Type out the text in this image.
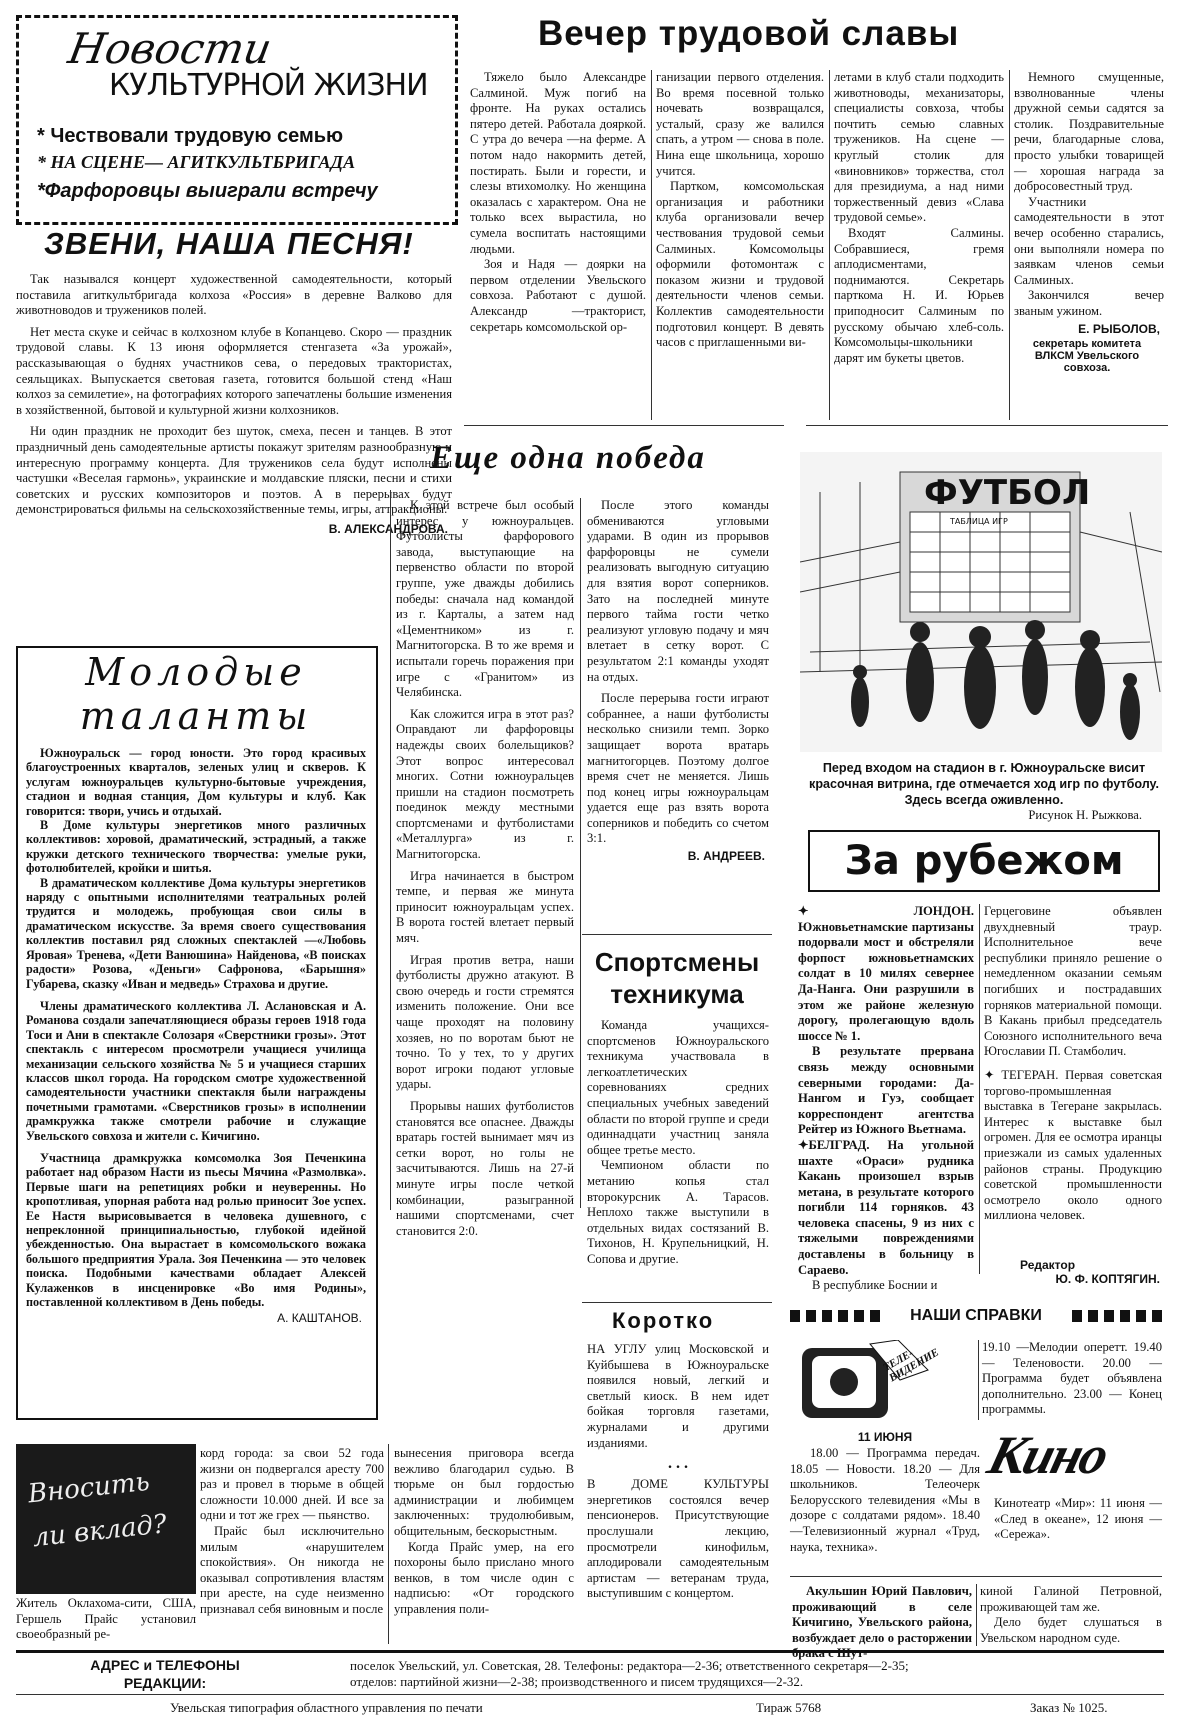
Новости
КУЛЬТУРНОЙ ЖИЗНИ
* Чествовали трудовую семью
* НА СЦЕНЕ— АГИТКУЛЬТБРИГАДА
*Фарфоровцы выиграли встречу
ЗВЕНИ, НАША ПЕСНЯ!

Так назывался концерт художественной самодеятельности, который поставила агиткультбригада колхоза «Россия» в деревне Валково для животноводов и тружеников полей.

Нет места скуке и сейчас в колхозном клубе в Копанцево. Скоро — праздник трудовой славы. К 13 июня оформляется стенгазета «За урожай», рассказывающая о буднях участников сева, о передовых трактористах, сеяльщиках. Выпускается световая газета, готовится большой стенд «Наш колхоз за семилетие», на фотографиях которого запечатлены большие изменения в хозяйственной, бытовой и культурной жизни колхозников.

Ни один праздник не проходит без шуток, смеха, песен и танцев. В этот праздничный день самодеятельные артисты покажут зрителям разнообразную и интересную программу концерта. Для тружеников села будут исполнены частушки «Веселая гармонь», украинские и молдавские пляски, песни и стихи советских и русских композиторов и поэтов. А в перерывах будут демонстрироваться фильмы на сельскохозяйственные темы, игры, аттракционы.

В. АЛЕКСАНДРОВА.
Вечер трудовой славы

Тяжело было Александре Салминой. Муж погиб на фронте. На руках остались пятеро детей. Работала дояркой. С утра до вечера —на ферме. А потом надо накормить детей, постирать. Были и горести, и слезы втихомолку. Но женщина оказалась с характером. Она не только всех вырастила, но сумела воспитать настоящими людьми.

Зоя и Надя — доярки на первом отделении Увельского совхоза. Работают с душой. Александр —тракторист, секретарь комсомольской ор-

ганизации первого отделения. Во время посевной только ночевать возвращался, усталый, сразу же валился спать, а утром — снова в поле. Нина еще школьница, хорошо учится.

Партком, комсомольская организация и работники клуба организовали вечер чествования трудовой семьи Салминых. Комсомольцы оформили фотомонтаж с показом жизни и трудовой деятельности членов семьи. Коллектив самодеятельности подготовил концерт. В девять часов с приглашенными ви-

летами в клуб стали подходить животноводы, механизаторы, специалисты совхоза, чтобы почтить семью славных тружеников. На сцене — круглый столик для «виновников» торжества, стол для президиума, а над ними торжественный девиз «Слава трудовой семье».

Входят Салмины. Собравшиеся, гремя аплодисментами, поднимаются. Секретарь парткома Н. И. Юрьев приподносит Салминым по русскому обычаю хлеб-соль. Комсомольцы-школьники дарят им букеты цветов.

Немного смущенные, взволнованные члены дружной семьи садятся за столик. Поздравительные речи, благодарные слова, просто улыбки товарищей — хорошая награда за добросовестный труд.

Участники самодеятельности в этот вечер особенно старались, они выполняли номера по заявкам членов семьи Салминых.

Закончился вечер званым ужином.

Е. РЫБОЛОВ,
секретарь комитета ВЛКСМ Увельского совхоза.
Еще одна победа

К этой встрече был особый интерес у южноуральцев. Футболисты фарфорового завода, выступающие на первенство области по второй группе, уже дважды добились победы: сначала над командой из г. Карталы, а затем над «Цементником» из г. Магнитогорска. В то же время и испытали горечь поражения при игре с «Гранитом» из Челябинска.

Как сложится игра в этот раз? Оправдают ли фарфоровцы надежды своих болельщиков? Этот вопрос интересовал многих. Сотни южноуральцев пришли на стадион посмотреть поединок между местными спортсменами и футболистами «Металлурга» из г. Магнитогорска.

Игра начинается в быстром темпе, и первая же минута приносит южноуральцам успех. В ворота гостей влетает первый мяч.

Играя против ветра, наши футболисты дружно атакуют. В свою очередь и гости стремятся изменить положение. Они все чаще проходят на половину хозяев, но по воротам бьют не точно. То у тех, то у других ворот игроки подают угловые удары.

Прорывы наших футболистов становятся все опаснее. Дважды вратарь гостей вынимает мяч из сетки ворот, но голы не засчитываются. Лишь на 27-й минуте игры после четкой комбинации, разыгранной нашими спортсменами, счет становится 2:0.

После этого команды обмениваются угловыми ударами. В один из прорывов фарфоровцы не сумели реализовать выгодную ситуацию для взятия ворот соперников. Зато на последней минуте первого тайма гости четко реализуют угловую подачу и мяч влетает в сетку ворот. С результатом 2:1 команды уходят на отдых.

После перерыва гости играют собраннее, а наши футболисты несколько снизили темп. Зорко защищает ворота вратарь магнитогорцев. Поэтому долгое время счет не меняется. Лишь под конец игры южноуральцам удается еще раз взять ворота соперников и победить со счетом 3:1.

В. АНДРЕЕВ.
Спортсмены
техникума

Команда учащихся-спортсменов Южноуральского техникума участвовала в легкоатлетических соревнованиях средних специальных учебных заведений области по второй группе и среди одиннадцати участниц заняла общее третье место.

Чемпионом области по метанию копья стал второкурсник А. Тарасов. Неплохо также выступили в отдельных видах состязаний В. Тихонов, Н. Крупельницкий, Н. Сопова и другие.

Коротко

НА УГЛУ улиц Московской и Куйбышева в Южноуральске появился новый, легкий и светлый киоск. В нем идет бойкая торговля газетами, журналами и другими изданиями.

. . .

В ДОМЕ КУЛЬТУРЫ энергетиков состоялся вечер пенсионеров. Присутствующие прослушали лекцию, просмотрели кинофильм, аплодировали самодеятельным артистам — ветеранам труда, выступившим с концертом.

Молодые
таланты

Южноуральск — город юности. Это город красивых благоустроенных кварталов, зеленых улиц и скверов. К услугам южноуральцев культурно-бытовые учреждения, стадион и водная станция, Дом культуры и клуб. Как говорится: твори, учись и отдыхай.

В Доме культуры энергетиков много различных коллективов: хоровой, драматический, эстрадный, а также кружки детского технического творчества: умелые руки, фотолюбителей, кройки и шитья.

В драматическом коллективе Дома культуры энергетиков наряду с опытными исполнителями театральных ролей трудится и молодежь, пробующая свои силы в драматическом искусстве. За время своего существования коллектив поставил ряд сложных спектаклей —«Любовь Яровая» Тренева, «Дети Ванюшина» Найденова, «В поисках радости» Розова, «Деньги» Сафронова, «Барышня» Губарева, сказку «Иван и медведь» Страхова и другие.

Члены драматического коллектива Л. Аслановская и А. Романова создали запечатляющиеся образы героев 1918 года Тоси и Ани в спектакле Солозаря «Сверстники грозы». Этот спектакль с интересом просмотрели учащиеся училища механизации сельского хозяйства № 5 и учащиеся старших классов школ города. На городском смотре художественной самодеятельности участники спектакля были награждены почетными грамотами. «Сверстников грозы» в исполнении драмкружка также смотрели рабочие и служащие Увельского совхоза и жители с. Кичигино.

Участница драмкружка комсомолка Зоя Печенкина работает над образом Насти из пьесы Мячина «Размолвка». Первые шаги на репетициях робки и неуверенны. Но кропотливая, упорная работа над ролью приносит Зое успех. Ее Настя вырисовывается в человека душевного, с непреклонной принципиальностью, глубокой идейной убежденностью. Она вырастает в комсомольского вожака большого предприятия Урала. Зоя Печенкина — это человек поиска. Подобными качествами обладает Алексей Кулаженков в инсценировке «Во имя Родины», поставленной коллективом в День победы.

А. КАШТАНОВ.
ФУТБОЛ
ТАБЛИЦА ИГР
Перед входом на стадион в г. Южноуральске висит красочная витрина, где отмечается ход игр по футболу. Здесь всегда оживленно.
Рисунок Н. Рыжкова.
За рубежом

✦ ЛОНДОН. Южновьетнамские партизаны подорвали мост и обстреляли форпост южновьетнамских солдат в 10 милях севернее Да-Нанга. Они разрушили в этом же районе железную дорогу, пролегающую вдоль шоссе № 1.

В результате прервана связь между основными северными городами: Да-Нангом и Гуэ, сообщает корреспондент агентства Рейтер из Южного Вьетнама.

✦БЕЛГРАД. На угольной шахте «Ораси» рудника Какань произошел взрыв метана, в результате которого погибли 114 горняков. 43 человека спасены, 9 из них с тяжелыми повреждениями доставлены в больницу в Сараево.

В республике Боснии и

Герцеговине объявлен двухдневный траур. Исполнительное вече республики приняло решение о немедленном оказании семьям погибших и пострадавших горняков материальной помощи. В Какань прибыл председатель Союзного исполнительного веча Югославии П. Стамболич.

✦ ТЕГЕРАН. Первая советская торгово-промышленная выставка в Тегеране закрылась. Интерес к выставке был огромен. Для ее осмотра иранцы приезжали из самых удаленных районов страны. Продукцию советской промышленности осмотрело около одного миллиона человек.

Редактор
Ю. Ф. КОПТЯГИН.
НАШИ СПРАВКИ
ТЕЛЕ-ВИДЕНИЕ
11 ИЮНЯ

18.00 — Программа передач. 18.05 — Новости. 18.20 — Для школьников. Телеочерк Белорусского телевидения «Мы в дозоре с солдатами рядом». 18.40 —Телевизионный журнал «Труд, наука, техника».

19.10 —Мелодии оперетт. 19.40 — Теленовости. 20.00 — Программа будет объявлена дополнительно. 23.00 — Конец программы.

Кино

Кинотеатр «Мир»: 11 июня — «След в океане», 12 июня — «Сережа».

Вносить ли вклад?

Житель Оклахома-сити, США, Гершель Прайс установил своеобразный ре-

корд города: за свои 52 года жизни он подвергался аресту 700 раз и провел в тюрьме в общей сложности 10.000 дней. И все за одни и тот же грех — пьянство.

Прайс был исключительно милым «нарушителем спокойствия». Он никогда не оказывал сопротивления властям при аресте, на суде неизменно признавал себя виновным и после

вынесения приговора всегда вежливо благодарил судью. В тюрьме он был гордостью администрации и любимцем заключенных: трудолюбивым, общительным, бескорыстным.

Когда Прайс умер, на его похороны было прислано много венков, в том числе один с надписью: «От городского управления поли-

Акульшин Юрий Павлович, проживающий в селе Кичигино, Увельского района, возбуждает дело о расторжении брака с Шут-

киной Галиной Петровной, проживающей там же.

Дело будет слушаться в Увельском народном суде.

АДРЕС и ТЕЛЕФОНЫ
РЕДАКЦИИ:
поселок Увельский, ул. Советская, 28. Телефоны: редактора—2-36; ответственного секретаря—2-35;
отделов: партийной жизни—2-38; производственного и писем трудящихся—2-32.
Увельская типография областного управления по печати	Тираж 5768	Заказ № 1025.
